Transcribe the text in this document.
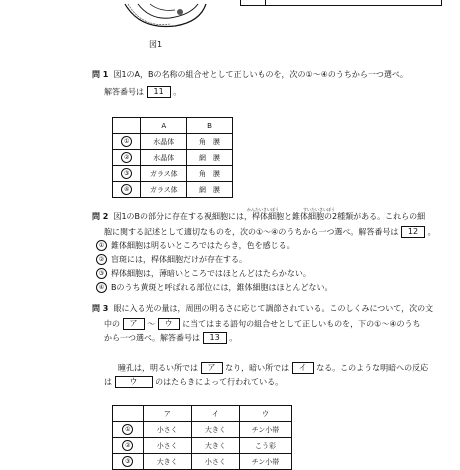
図1
問 1 図1のA，Bの名称の組合せとして正しいものを，次の①～④のうちから一つ選べ。
解答番号は 11 。
	A	B
①	水晶体	角　膜
②	水晶体	網　膜
③	ガラス体	角　膜
④	ガラス体	網　膜
かんたいさいぼう	すいたいさいぼう
問 2 図1のBの部分に存在する視細胞には，桿体細胞と錐体細胞の2種類がある。これらの細
胞に関する記述として適切なものを，次の①～④のうちから一つ選べ。解答番号は 12 。
① 錐体細胞は明るいところではたらき，色を感じる。
② 盲斑には，桿体細胞だけが存在する。
③ 桿体細胞は，薄暗いところではほとんどはたらかない。
④ Bのうち黄斑と呼ばれる部位には，錐体細胞はほとんどない。
問 3 眼に入る光の量は，周囲の明るさに応じて調節されている。このしくみについて，次の文
中の ア ～ ウ に当てはまる語句の組合せとして正しいものを，下の①～④のうち
から一つ選べ。解答番号は 13 。
瞳孔は，明るい所では ア なり，暗い所では イ なる。このような明暗への反応
は ウ のはたらきによって行われている。
	ア	イ	ウ
①	小さく	大きく	チン小帯
②	小さく	大きく	こう彩
③	大きく	小さく	チン小帯
